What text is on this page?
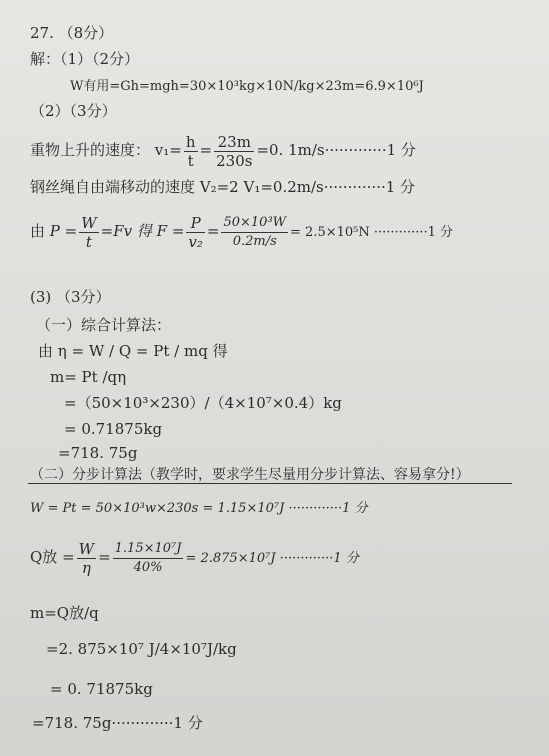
27. （8分）
解：（1）（2分）
W有用=Gh=mgh=30×10³kg×10N/kg×23m=6.9×10⁶J
（2）（3分）
重物上升的速度： $v_1= \frac{h}{t} = \frac{23m}{230s} =0$. 1m/s·············1 分
钢丝绳自由端移动的速度 V₂=2 V₁=0.2m/s·············1 分
由 $P = \frac{W}{t} =Fv$ 得 $F = \frac{P}{\text{v₂}} = \frac{\text{50×10³W}}{0.2m/s} = 2.5\times 10^5N \cdot\cdot\cdot\cdot\cdot\cdot\cdot\cdot\cdot\cdot\cdot\cdot\cdot 1$ 分
(3) （3分）
（一）综合计算法：
由 η = W / Q = Pt / mq 得
m= Pt /qη
=（50×10³×230）/（4×10⁷×0.4）kg
= 0.71875kg
=718. 75g
（二）分步计算法（教学时，要求学生尽量用分步计算法、容易拿分!）
W = Pt = 50×10³w×230s = 1.15×10⁷J ·············1 分
Q放 = $\frac{W}{\eta} = \frac{\text{1.15×10⁷J}}{40\%} = 2.875\times 10^7J \cdot\cdot\cdot\cdot\cdot\cdot\cdot\cdot\cdot\cdot\cdot\cdot\cdot 1$ 分
m=Q放/q
=2. 875×10⁷ J/4×10⁷J/kg
= 0. 71875kg
=718. 75g·············1 分
